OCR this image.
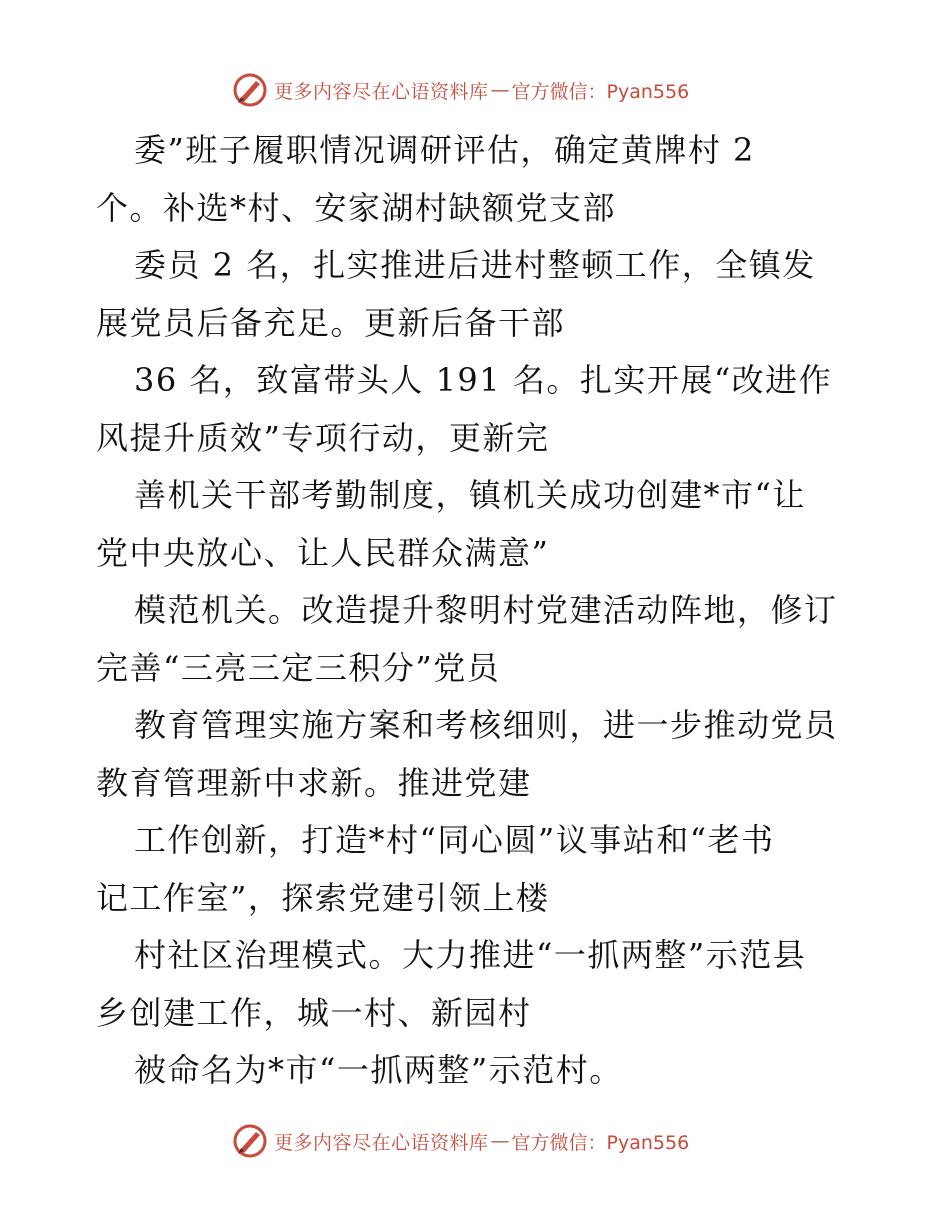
更多内容尽在心语资料库 — 官方微信：Pyan556
委”班子履职情况调研评估，确定黄牌村 2
个。补选*村、安家湖村缺额党支部
委员 2 名，扎实推进后进村整顿工作，全镇发
展党员后备充足。更新后备干部
36 名，致富带头人 191 名。扎实开展“改进作
风提升质效”专项行动，更新完
善机关干部考勤制度，镇机关成功创建*市“让
党中央放心、让人民群众满意”
模范机关。改造提升黎明村党建活动阵地，修订
完善“三亮三定三积分”党员
教育管理实施方案和考核细则，进一步推动党员
教育管理新中求新。推进党建
工作创新，打造*村“同心圆”议事站和“老书
记工作室”，探索党建引领上楼
村社区治理模式。大力推进“一抓两整”示范县
乡创建工作，城一村、新园村
被命名为*市“一抓两整”示范村。
更多内容尽在心语资料库 — 官方微信：Pyan556
